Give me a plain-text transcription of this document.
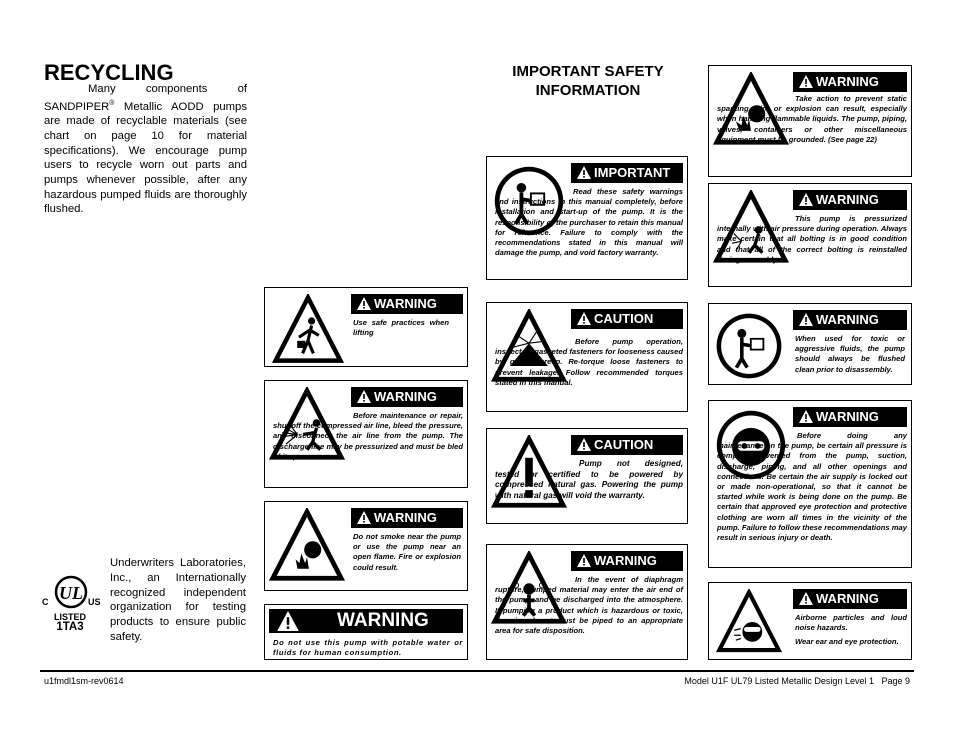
RECYCLING
Many components of SANDPIPER® Metallic AODD pumps are made of recyclable materials (see chart on page 10 for material specifications). We encourage pump users to recycle worn out parts and pumps whenever possible, after any hazardous pumped fluids are thoroughly flushed.
UL
C	US
LISTED
1TA3
Underwriters Laboratories, Inc., an Internationally recognized independent organization for testing products to ensure public safety.
IMPORTANT SAFETY INFORMATION
WARNING
Use safe practices when lifting
WARNING
Before maintenance or repair, shut off the compressed air line, bleed the pressure, and disconnect the air line from the pump. The discharge line may be pressurized and must be bled of its pressure.
WARNING
Do not smoke near the pump or use the pump near an open flame. Fire or explosion could result.
WARNING
Do not use this pump with potable water or fluids for human consumption.
IMPORTANT
Read these safety warnings and instructions in this manual completely, before installation and start-up of the pump. It is the responsibility of the purchaser to retain this manual for reference. Failure to comply with the recommendations stated in this manual will damage the pump, and void factory warranty.
CAUTION
Before pump operation, inspect all gasketed fasteners for looseness caused by gasket creep. Re-torque loose fasteners to prevent leakage. Follow recommended torques stated in this manual.
CAUTION
Pump not designed, tested or certified to be powered by compressed natural gas. Powering the pump with natural gas will void the warranty.
WARNING
In the event of diaphragm rupture, pumped material may enter the air end of the pump, and be discharged into the atmosphere. If pumping a product which is hazardous or toxic, the air exhaust must be piped to an appropriate area for safe disposition.
WARNING
Take action to prevent static sparking. Fire or explosion can result, especially when handling flammable liquids. The pump, piping, valves, containers or other miscellaneous equipment must be grounded. (See page 22)
WARNING
This pump is pressurized internally with air pressure during operation. Always make certain that all bolting is in good condition and that all of the correct bolting is reinstalled during assembly.
WARNING
When used for toxic or aggressive fluids, the pump should always be flushed clean prior to disassembly.
WARNING
Before doing any maintenance on the pump, be certain all pressure is completely vented from the pump, suction, discharge, piping, and all other openings and connections. Be certain the air supply is locked out or made non-operational, so that it cannot be started while work is being done on the pump. Be certain that approved eye protection and protective clothing are worn all times in the vicinity of the pump. Failure to follow these recommendations may result in serious injury or death.
WARNING
Airborne particles and loud noise hazards.
Wear ear and eye protection.
u1fmdl1sm-rev0614	Model U1F UL79 Listed Metallic Design Level 1   Page 9
